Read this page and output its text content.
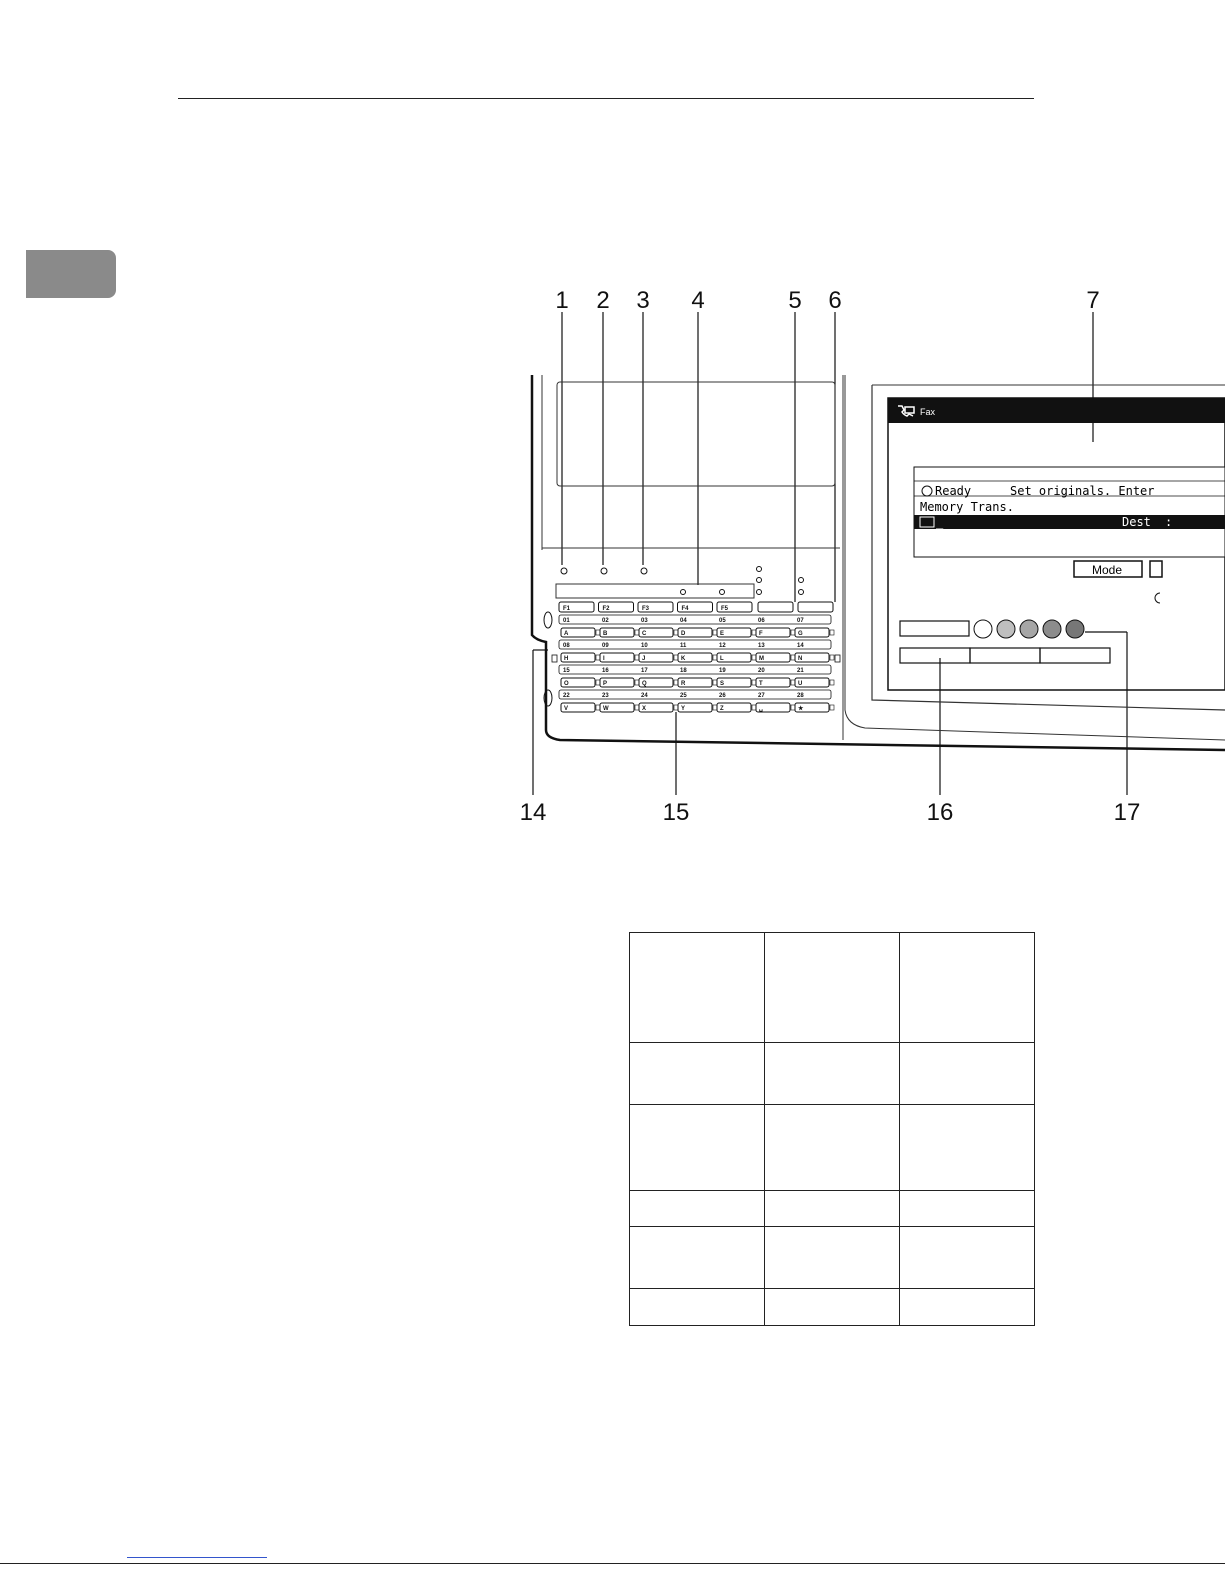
1 2 3 4	5 6	7
14	15	16	17
F1	F2	F3	F4	F5
01
A
02
B
03
C
04
D
05
E
06
F
07
G
08
H
09
I
10
J
11
K
12
L
13
M
14
N
15
O
16
P
17
Q
18
R
19
S
20
T
21
U
22
V
23
W
24
X
25
Y
26
Z
27
␣
28
★
Fax
Ready	Set originals. Enter
Memory Trans.
_	Dest :
Mode
